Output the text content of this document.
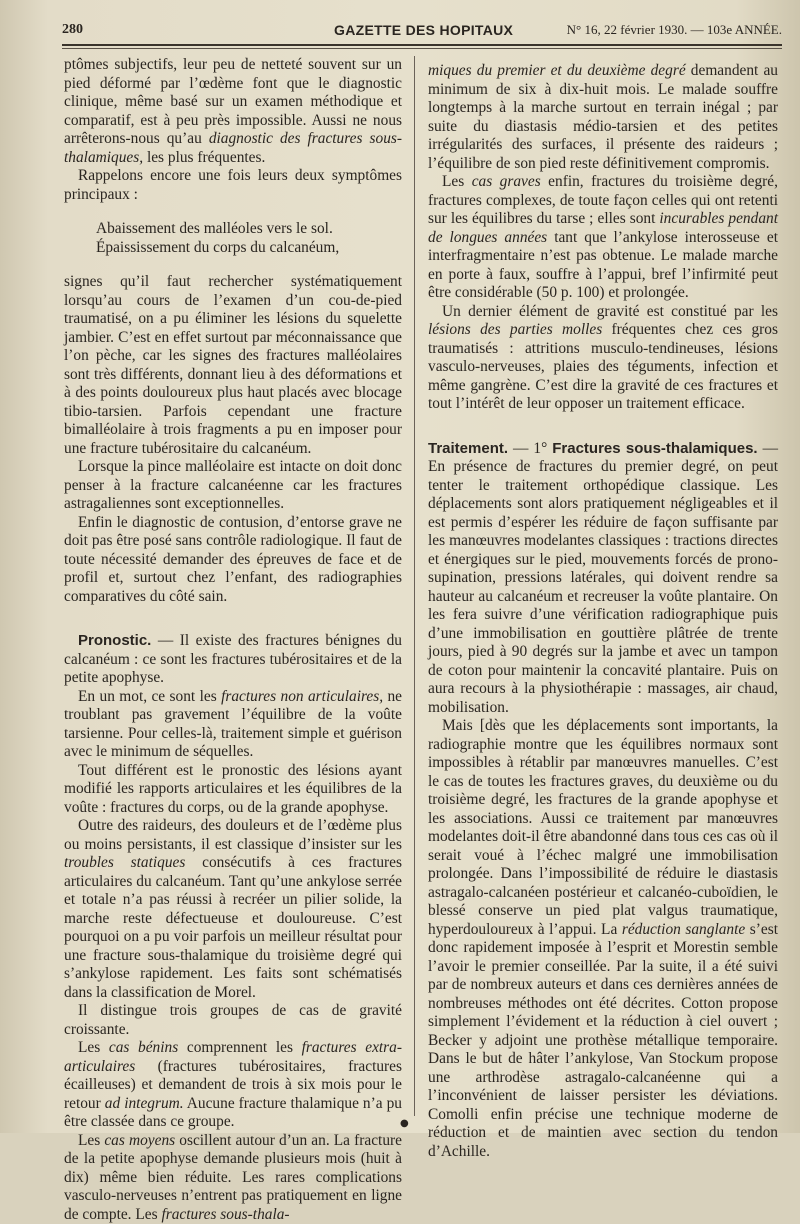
280	GAZETTE DES HOPITAUX	N° 16, 22 février 1930. — 103e ANNÉE.

ptômes subjectifs, leur peu de netteté souvent sur un pied déformé par l’œdème font que le diagnostic clinique, même basé sur un examen méthodique et comparatif, est à peu près impossible. Aussi ne nous arrêterons-nous qu’au diagnostic des fractures sous-thalamiques, les plus fréquentes.

Rappelons encore une fois leurs deux symptômes principaux :

Abaissement des malléoles vers le sol.
Épaississement du corps du calcanéum,

signes qu’il faut rechercher systématiquement lorsqu’au cours de l’examen d’un cou-de-pied traumatisé, on a pu éliminer les lésions du squelette jambier. C’est en effet surtout par méconnaissance que l’on pèche, car les signes des fractures malléolaires sont très différents, donnant lieu à des déformations et à des points douloureux plus haut placés avec blocage tibio-tarsien. Parfois cependant une fracture bimalléolaire à trois fragments a pu en imposer pour une fracture tubérositaire du calcanéum.

Lorsque la pince malléolaire est intacte on doit donc penser à la fracture calcanéenne car les fractures astragaliennes sont exceptionnelles.

Enfin le diagnostic de contusion, d’entorse grave ne doit pas être posé sans contrôle radiologique. Il faut de toute nécessité demander des épreuves de face et de profil et, surtout chez l’enfant, des radiographies comparatives du côté sain.

Pronostic. — Il existe des fractures bénignes du calcanéum : ce sont les fractures tubérositaires et de la petite apophyse.

En un mot, ce sont les fractures non articulaires, ne troublant pas gravement l’équilibre de la voûte tarsienne. Pour celles-là, traitement simple et guérison avec le minimum de séquelles.

Tout différent est le pronostic des lésions ayant modifié les rapports articulaires et les équilibres de la voûte : fractures du corps, ou de la grande apophyse.

Outre des raideurs, des douleurs et de l’œdème plus ou moins persistants, il est classique d’insister sur les troubles statiques consécutifs à ces fractures articulaires du calcanéum. Tant qu’une ankylose serrée et totale n’a pas réussi à recréer un pilier solide, la marche reste défectueuse et douloureuse. C’est pourquoi on a pu voir parfois un meilleur résultat pour une fracture sous-thalamique du troisième degré qui s’ankylose rapidement. Les faits sont schématisés dans la classification de Morel.

Il distingue trois groupes de cas de gravité croissante.

Les cas bénins comprennent les fractures extra-articulaires (fractures tubérositaires, fractures écailleuses) et demandent de trois à six mois pour le retour ad integrum. Aucune fracture thalamique n’a pu être classée dans ce groupe.

Les cas moyens oscillent autour d’un an. La fracture de la petite apophyse demande plusieurs mois (huit à dix) même bien réduite. Les rares complications vasculo-nerveuses n’entrent pas pratiquement en ligne de compte. Les fractures sous-thala-

miques du premier et du deuxième degré demandent au minimum de six à dix-huit mois. Le malade souffre longtemps à la marche surtout en terrain inégal ; par suite du diastasis médio-tarsien et des petites irrégularités des surfaces, il présente des raideurs ; l’équilibre de son pied reste définitivement compromis.

Les cas graves enfin, fractures du troisième degré, fractures complexes, de toute façon celles qui ont retenti sur les équilibres du tarse ; elles sont incurables pendant de longues années tant que l’ankylose interosseuse et interfragmentaire n’est pas obtenue. Le malade marche en porte à faux, souffre à l’appui, bref l’infirmité peut être considérable (50 p. 100) et prolongée.

Un dernier élément de gravité est constitué par les lésions des parties molles fréquentes chez ces gros traumatisés : attritions musculo-tendineuses, lésions vasculo-nerveuses, plaies des téguments, infection et même gangrène. C’est dire la gravité de ces fractures et tout l’intérêt de leur opposer un traitement efficace.

Traitement. — 1° Fractures sous-thalamiques. — En présence de fractures du premier degré, on peut tenter le traitement orthopédique classique. Les déplacements sont alors pratiquement négligeables et il est permis d’espérer les réduire de façon suffisante par les manœuvres modelantes classiques : tractions directes et énergiques sur le pied, mouvements forcés de prono-supination, pressions latérales, qui doivent rendre sa hauteur au calcanéum et recreuser la voûte plantaire. On les fera suivre d’une vérification radiographique puis d’une immobilisation en gouttière plâtrée de trente jours, pied à 90 degrés sur la jambe et avec un tampon de coton pour maintenir la concavité plantaire. Puis on aura recours à la physiothérapie : massages, air chaud, mobilisation.

Mais [dès que les déplacements sont importants, la radiographie montre que les équilibres normaux sont impossibles à rétablir par manœuvres manuelles. C’est le cas de toutes les fractures graves, du deuxième ou du troisième degré, les fractures de la grande apophyse et les associations. Aussi ce traitement par manœuvres modelantes doit-il être abandonné dans tous ces cas où il serait voué à l’échec malgré une immobilisation prolongée. Dans l’impossibilité de réduire le diastasis astragalo-calcanéen postérieur et calcanéo-cuboïdien, le blessé conserve un pied plat valgus traumatique, hyperdouloureux à l’appui. La réduction sanglante s’est donc rapidement imposée à l’esprit et Morestin semble l’avoir le premier conseillée. Par la suite, il a été suivi par de nombreux auteurs et dans ces dernières années de nombreuses méthodes ont été décrites. Cotton propose simplement l’évidement et la réduction à ciel ouvert ; Becker y adjoint une prothèse métallique temporaire. Dans le but de hâter l’ankylose, Van Stockum propose une arthrodèse astragalo-calcanéenne qui a l’inconvénient de laisser persister les déviations. Comolli enfin précise une technique moderne de réduction et de maintien avec section du tendon d’Achille.

●
